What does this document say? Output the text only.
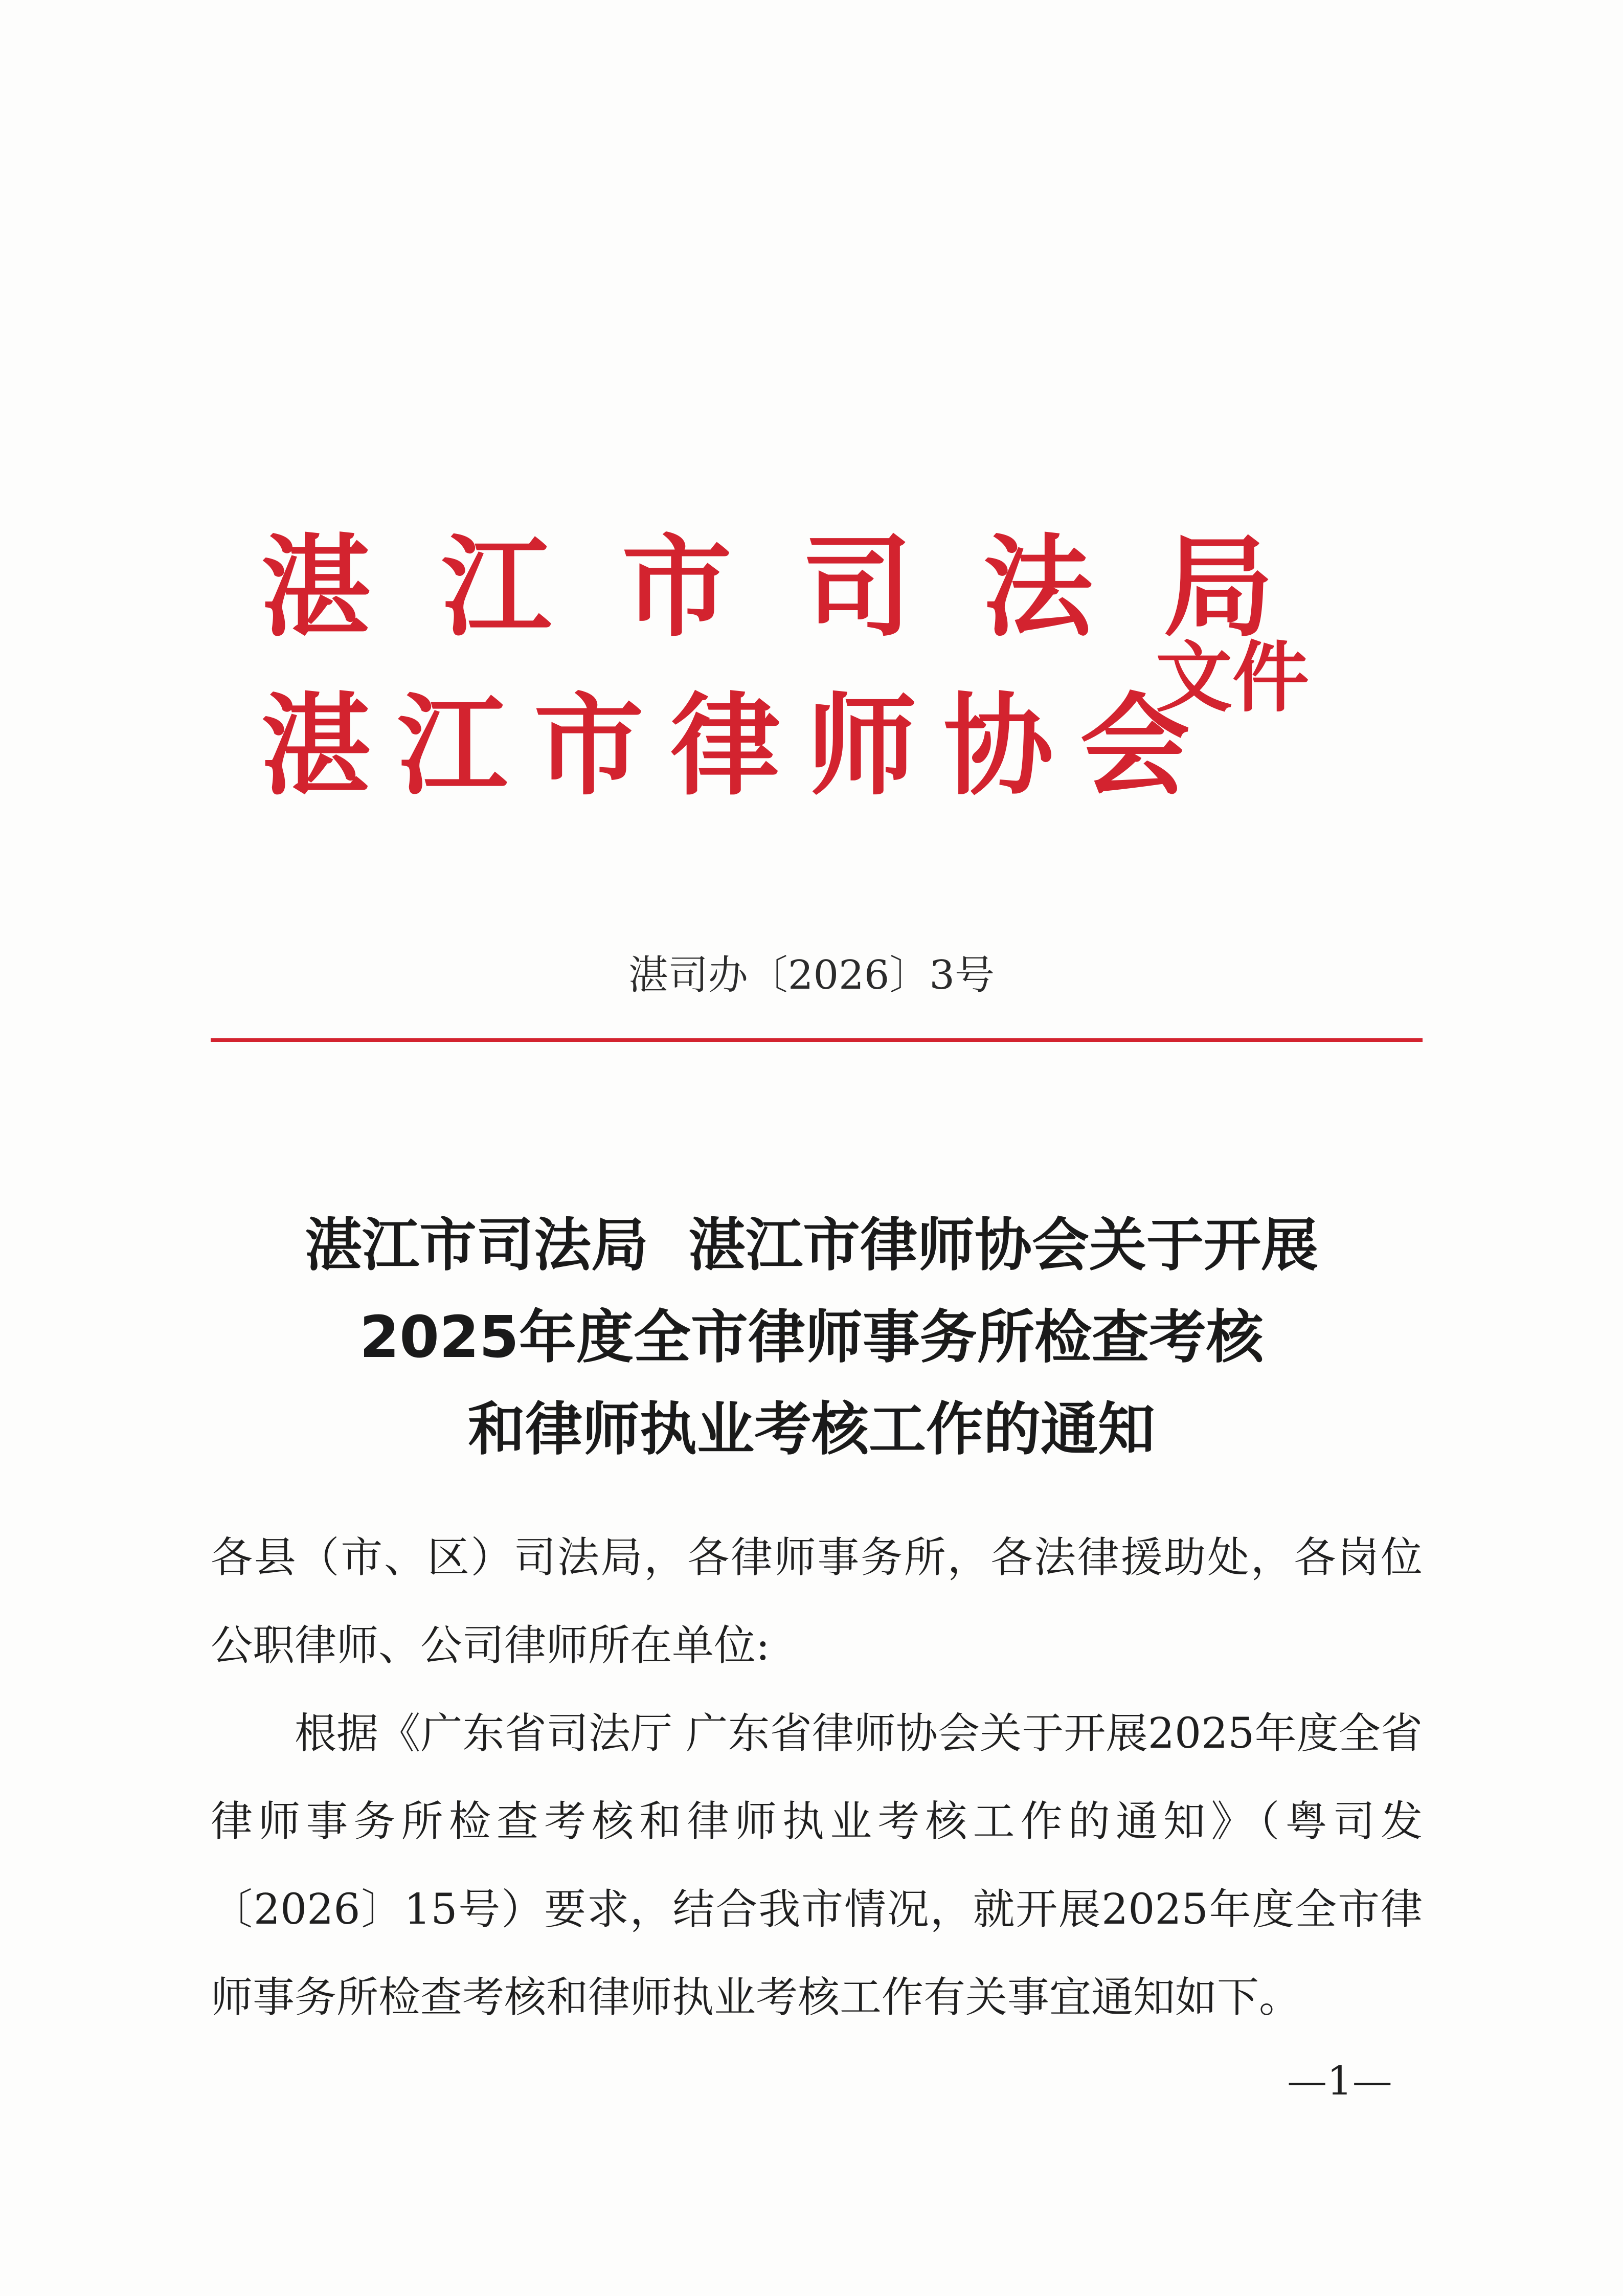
湛江市司法局
湛江市律师协会
文件
湛司办〔2026〕3号
湛江市司法局  湛江市律师协会关于开展
2025年度全市律师事务所检查考核
和律师执业考核工作的通知

各县（市、区）司法局，各律师事务所，各法律援助处，各岗位公职律师、公司律师所在单位:

根据《广东省司法厅 广东省律师协会关于开展2025年度全省律师事务所检查考核和律师执业考核工作的通知》（粤司发〔2026〕15号）要求，结合我市情况，就开展2025年度全市律师事务所检查考核和律师执业考核工作有关事宜通知如下。

—1—
